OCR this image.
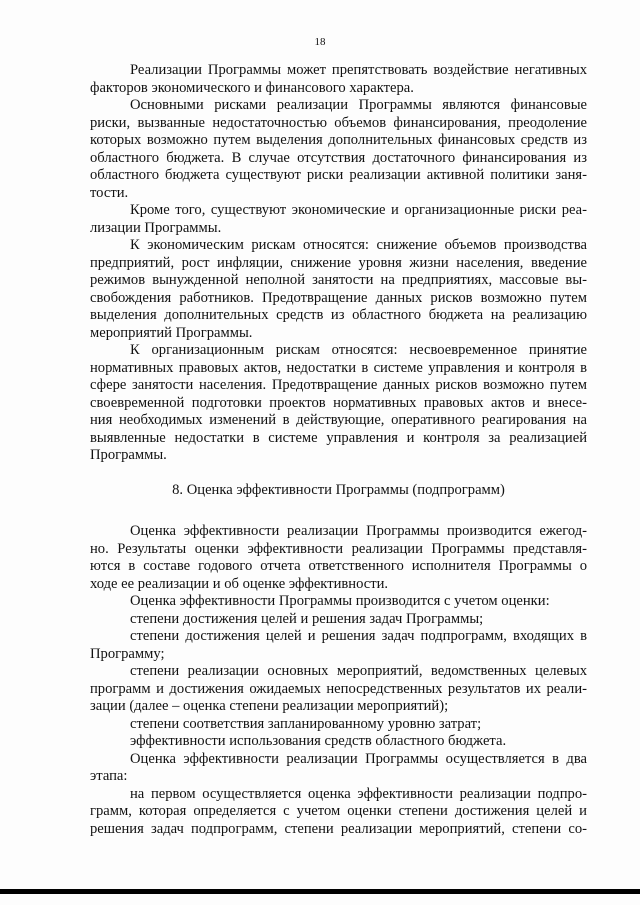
18
Реализации Программы может препятствовать воздействие негативных
факторов экономического и финансового характера.
Основными рисками реализации Программы являются финансовые
риски, вызванные недостаточностью объемов финансирования, преодоление
которых возможно путем выделения дополнительных финансовых средств из
областного бюджета. В случае отсутствия достаточного финансирования из
областного бюджета существуют риски реализации активной политики заня-
тости.
Кроме того, существуют экономические и организационные риски реа-
лизации Программы.
К экономическим рискам относятся: снижение объемов производства
предприятий, рост инфляции, снижение уровня жизни населения, введение
режимов вынужденной неполной занятости на предприятиях, массовые вы-
свобождения работников. Предотвращение данных рисков возможно путем
выделения дополнительных средств из областного бюджета на реализацию
мероприятий Программы.
К организационным рискам относятся: несвоевременное принятие
нормативных правовых актов, недостатки в системе управления и контроля в
сфере занятости населения. Предотвращение данных рисков возможно путем
своевременной подготовки проектов нормативных правовых актов и внесе-
ния необходимых изменений в действующие, оперативного реагирования на
выявленные недостатки в системе управления и контроля за реализацией
Программы.
8. Оценка эффективности Программы (подпрограмм)
Оценка эффективности реализации Программы производится ежегод-
но. Результаты оценки эффективности реализации Программы представля-
ются в составе годового отчета ответственного исполнителя Программы о
ходе ее реализации и об оценке эффективности.
Оценка эффективности Программы производится с учетом оценки:
степени достижения целей и решения задач Программы;
степени достижения целей и решения задач подпрограмм, входящих в
Программу;
степени реализации основных мероприятий, ведомственных целевых
программ и достижения ожидаемых непосредственных результатов их реали-
зации (далее – оценка степени реализации мероприятий);
степени соответствия запланированному уровню затрат;
эффективности использования средств областного бюджета.
Оценка эффективности реализации Программы осуществляется в два
этапа:
на первом осуществляется оценка эффективности реализации подпро-
грамм, которая определяется с учетом оценки степени достижения целей и
решения задач подпрограмм, степени реализации мероприятий, степени со-
